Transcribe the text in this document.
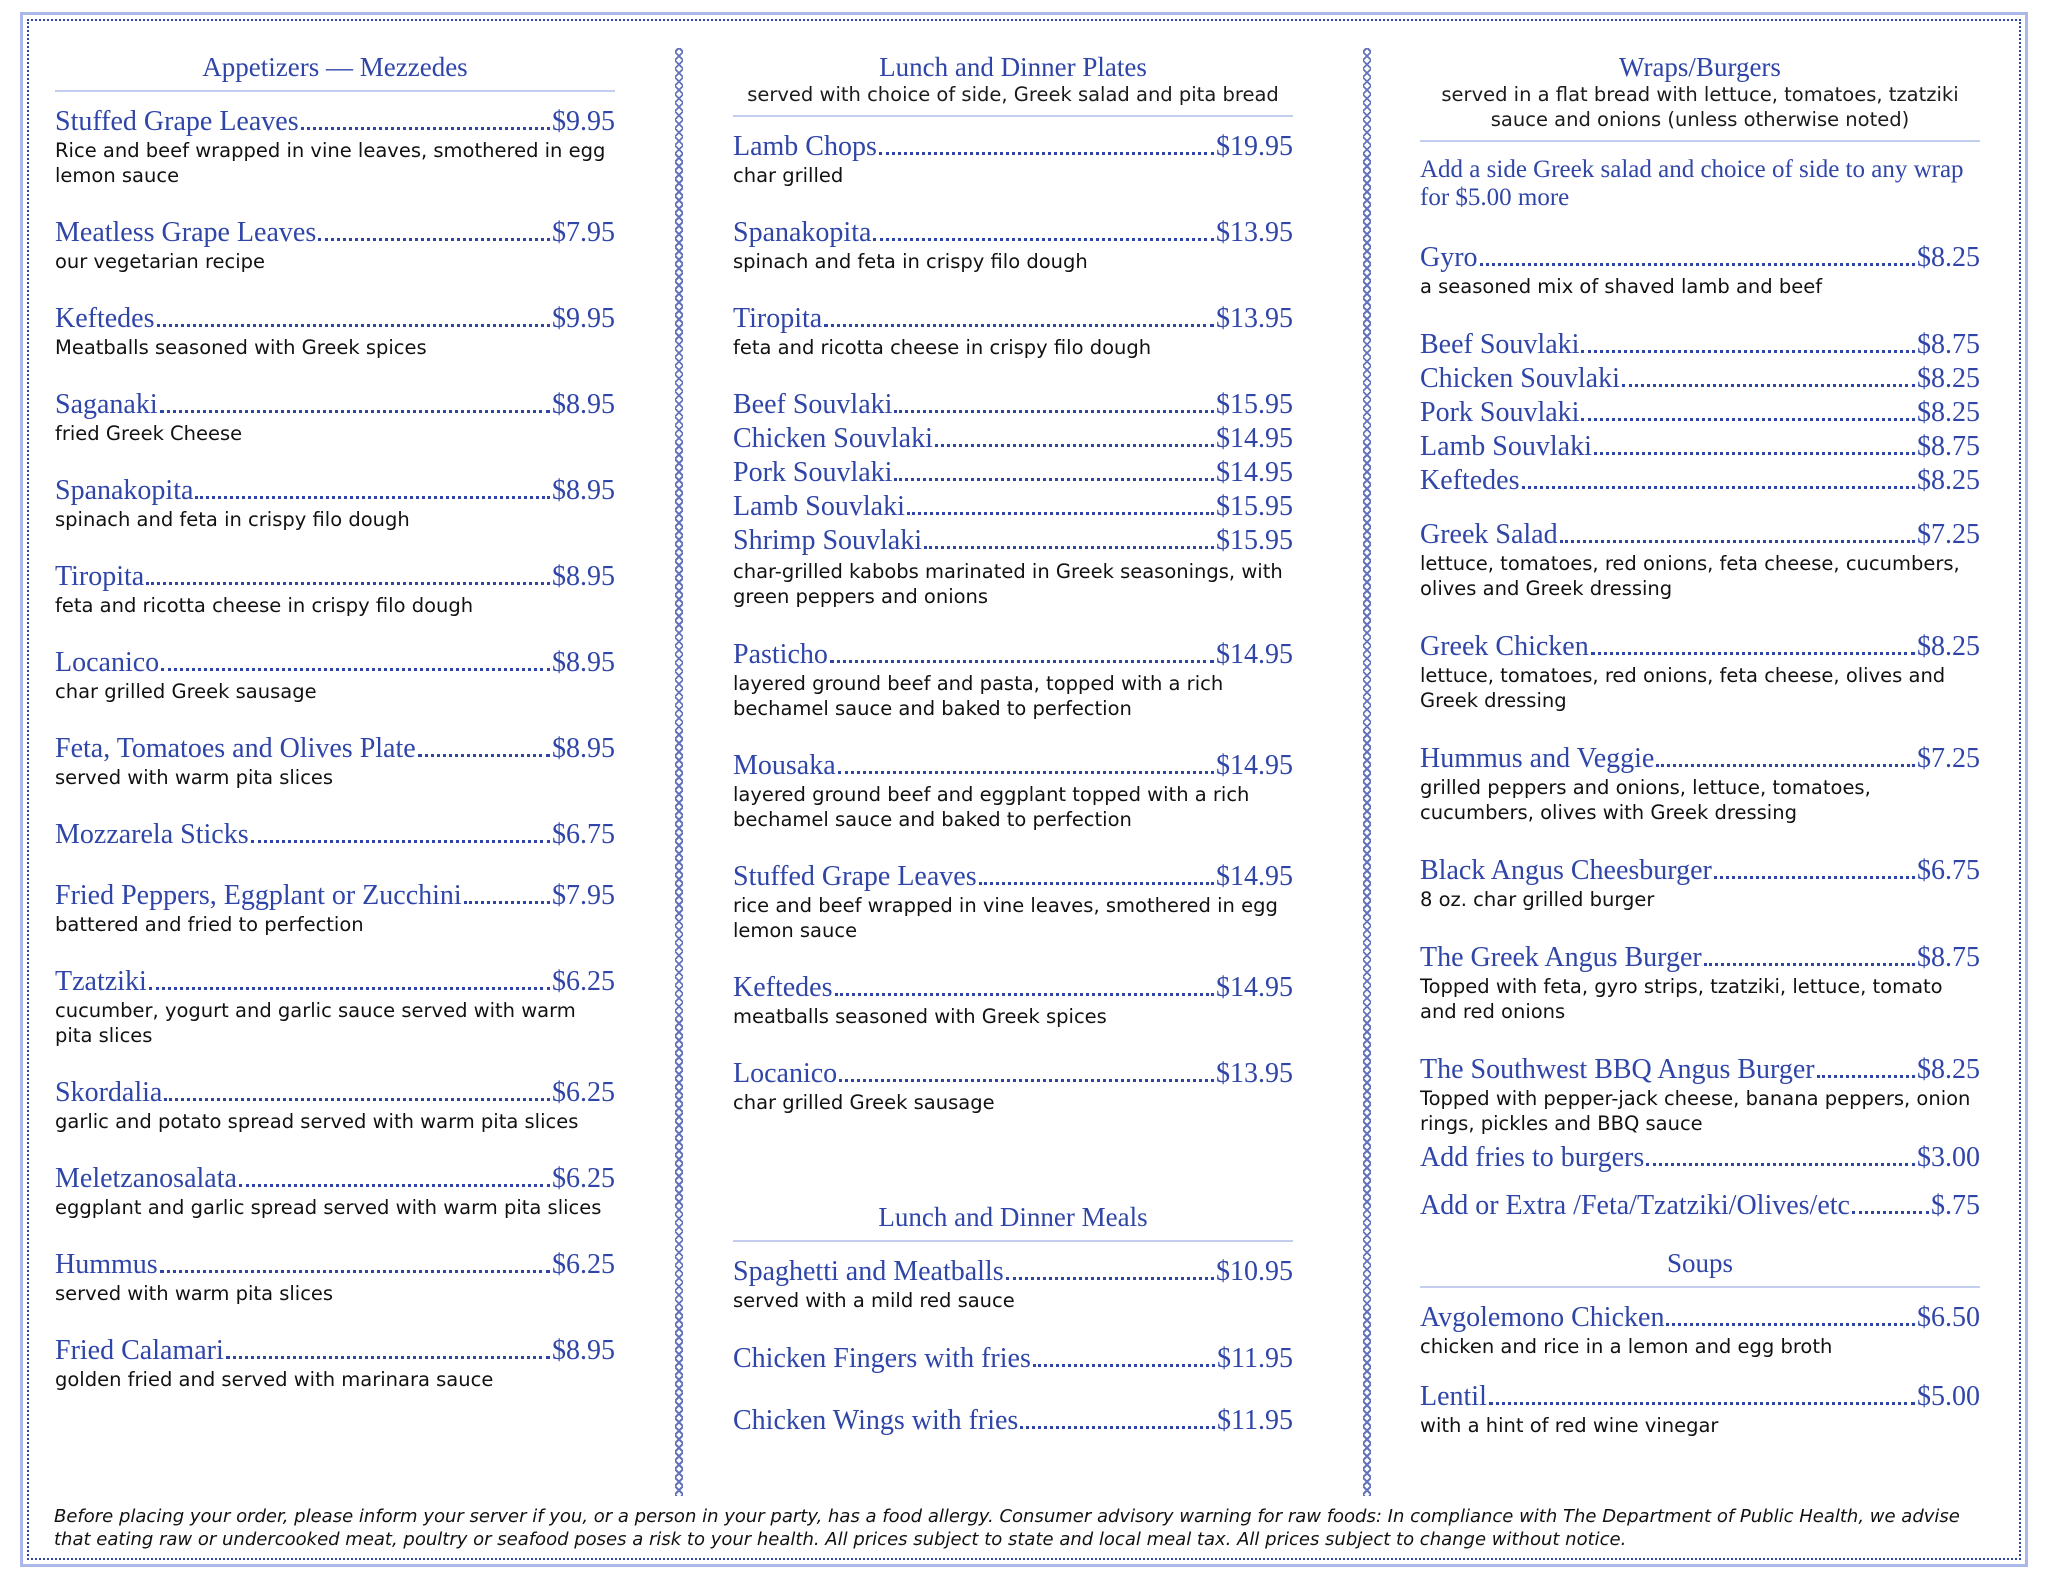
Appetizers — Mezzedes
Stuffed Grape Leaves	$9.95
Rice and beef wrapped in vine leaves, smothered in egg lemon sauce
Meatless Grape Leaves	$7.95
our vegetarian recipe
Keftedes	$9.95
Meatballs seasoned with Greek spices
Saganaki	$8.95
fried Greek Cheese
Spanakopita	$8.95
spinach and feta in crispy filo dough
Tiropita	$8.95
feta and ricotta cheese in crispy filo dough
Locanico	$8.95
char grilled Greek sausage
Feta, Tomatoes and Olives Plate	$8.95
served with warm pita slices
Mozzarela Sticks	$6.75
Fried Peppers, Eggplant or Zucchini	$7.95
battered and fried to perfection
Tzatziki	$6.25
cucumber, yogurt and garlic sauce served with warm pita slices
Skordalia	$6.25
garlic and potato spread served with warm pita slices
Meletzanosalata	$6.25
eggplant and garlic spread served with warm pita slices
Hummus	$6.25
served with warm pita slices
Fried Calamari	$8.95
golden fried and served with marinara sauce
Lunch and Dinner Plates
served with choice of side, Greek salad and pita bread
Lamb Chops	$19.95
char grilled
Spanakopita	$13.95
spinach and feta in crispy filo dough
Tiropita	$13.95
feta and ricotta cheese in crispy filo dough
Beef Souvlaki	$15.95
Chicken Souvlaki	$14.95
Pork Souvlaki	$14.95
Lamb Souvlaki	$15.95
Shrimp Souvlaki	$15.95
char-grilled kabobs marinated in Greek seasonings, with green peppers and onions
Pasticho	$14.95
layered ground beef and pasta, topped with a rich bechamel sauce and baked to perfection
Mousaka	$14.95
layered ground beef and eggplant topped with a rich bechamel sauce and baked to perfection
Stuffed Grape Leaves	$14.95
rice and beef wrapped in vine leaves, smothered in egg lemon sauce
Keftedes	$14.95
meatballs seasoned with Greek spices
Locanico	$13.95
char grilled Greek sausage
Lunch and Dinner Meals
Spaghetti and Meatballs	$10.95
served with a mild red sauce
Chicken Fingers with fries	$11.95
Chicken Wings with fries	$11.95
Wraps/Burgers
served in a flat bread with lettuce, tomatoes, tzatziki sauce and onions (unless otherwise noted)
Add a side Greek salad and choice of side to any wrap for $5.00 more
Gyro	$8.25
a seasoned mix of shaved lamb and beef
Beef Souvlaki	$8.75
Chicken Souvlaki	$8.25
Pork Souvlaki	$8.25
Lamb Souvlaki	$8.75
Keftedes	$8.25
Greek Salad	$7.25
lettuce, tomatoes, red onions, feta cheese, cucumbers, olives and Greek dressing
Greek Chicken	$8.25
lettuce, tomatoes, red onions, feta cheese, olives and Greek dressing
Hummus and Veggie	$7.25
grilled peppers and onions, lettuce, tomatoes, cucumbers, olives with Greek dressing
Black Angus Cheesburger	$6.75
8 oz. char grilled burger
The Greek Angus Burger	$8.75
Topped with feta, gyro strips, tzatziki, lettuce, tomato and red onions
The Southwest BBQ Angus Burger	$8.25
Topped with pepper-jack cheese, banana peppers, onion rings, pickles and BBQ sauce
Add fries to burgers	$3.00
Add or Extra /Feta/Tzatziki/Olives/etc	$.75
Soups
Avgolemono Chicken	$6.50
chicken and rice in a lemon and egg broth
Lentil	$5.00
with a hint of red wine vinegar
Before placing your order, please inform your server if you, or a person in your party, has a food allergy. Consumer advisory warning for raw foods: In compliance with The Department of Public Health, we advise that eating raw or undercooked meat, poultry or seafood poses a risk to your health. All prices subject to state and local meal tax. All prices subject to change without notice.
